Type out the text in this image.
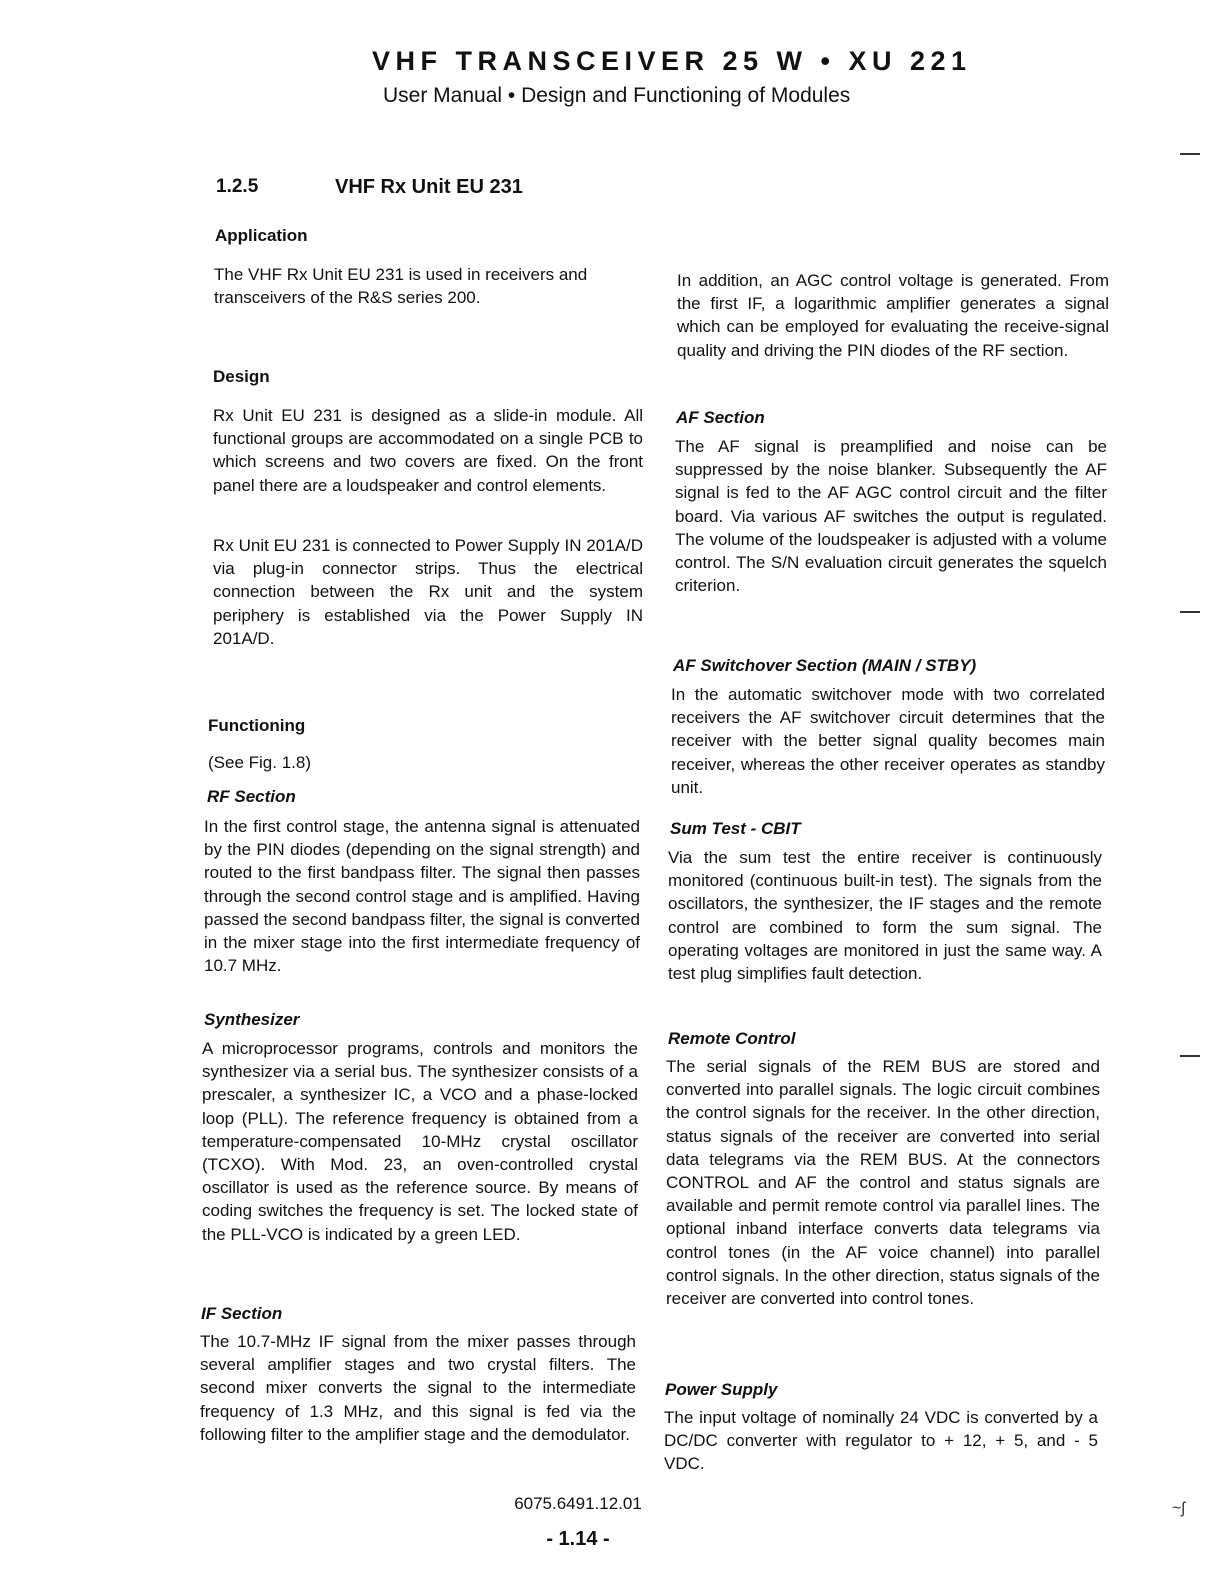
VHF TRANSCEIVER 25 W • XU 221
User Manual • Design and Functioning of Modules
1.2.5	VHF Rx Unit EU 231
Application

The VHF Rx Unit EU 231 is used in receivers and transceivers of the R&S series 200.

Design

Rx Unit EU 231 is designed as a slide-in module. All functional groups are accommodated on a single PCB to which screens and two covers are fixed. On the front panel there are a loudspeaker and control elements.

Rx Unit EU 231 is connected to Power Supply IN 201A/D via plug-in connector strips. Thus the electrical connection between the Rx unit and the system periphery is established via the Power Supply IN 201A/D.

Functioning
(See Fig. 1.8)
RF Section

In the first control stage, the antenna signal is attenuated by the PIN diodes (depending on the signal strength) and routed to the first bandpass filter. The signal then passes through the second control stage and is amplified. Having passed the second bandpass filter, the signal is converted in the mixer stage into the first intermediate frequency of 10.7 MHz.

Synthesizer

A microprocessor programs, controls and monitors the synthesizer via a serial bus. The synthesizer consists of a prescaler, a synthesizer IC, a VCO and a phase-locked loop (PLL). The reference frequency is obtained from a temperature-compensated 10-MHz crystal oscillator (TCXO). With Mod. 23, an oven-controlled crystal oscillator is used as the reference source. By means of coding switches the frequency is set. The locked state of the PLL-VCO is indicated by a green LED.

IF Section

The 10.7-MHz IF signal from the mixer passes through several amplifier stages and two crystal filters. The second mixer converts the signal to the intermediate frequency of 1.3 MHz, and this signal is fed via the following filter to the amplifier stage and the demodulator.

In addition, an AGC control voltage is generated. From the first IF, a logarithmic amplifier generates a signal which can be employed for evaluating the receive-signal quality and driving the PIN diodes of the RF section.

AF Section

The AF signal is preamplified and noise can be suppressed by the noise blanker. Subsequently the AF signal is fed to the AF AGC control circuit and the filter board. Via various AF switches the output is regulated. The volume of the loudspeaker is adjusted with a volume control. The S/N evaluation circuit generates the squelch criterion.

AF Switchover Section (MAIN / STBY)

In the automatic switchover mode with two correlated receivers the AF switchover circuit determines that the receiver with the better signal quality becomes main receiver, whereas the other receiver operates as standby unit.

Sum Test - CBIT

Via the sum test the entire receiver is continuously monitored (continuous built-in test). The signals from the oscillators, the synthesizer, the IF stages and the remote control are combined to form the sum signal. The operating voltages are monitored in just the same way. A test plug simplifies fault detection.

Remote Control

The serial signals of the REM BUS are stored and converted into parallel signals. The logic circuit combines the control signals for the receiver. In the other direction, status signals of the receiver are converted into serial data telegrams via the REM BUS. At the connectors CONTROL and AF the control and status signals are available and permit remote control via parallel lines. The optional inband interface converts data telegrams via control tones (in the AF voice channel) into parallel control signals. In the other direction, status signals of the receiver are converted into control tones.

Power Supply

The input voltage of nominally 24 VDC is converted by a DC/DC converter with regulator to + 12, + 5, and - 5 VDC.

6075.6491.12.01
- 1.14 -
~ʃ
